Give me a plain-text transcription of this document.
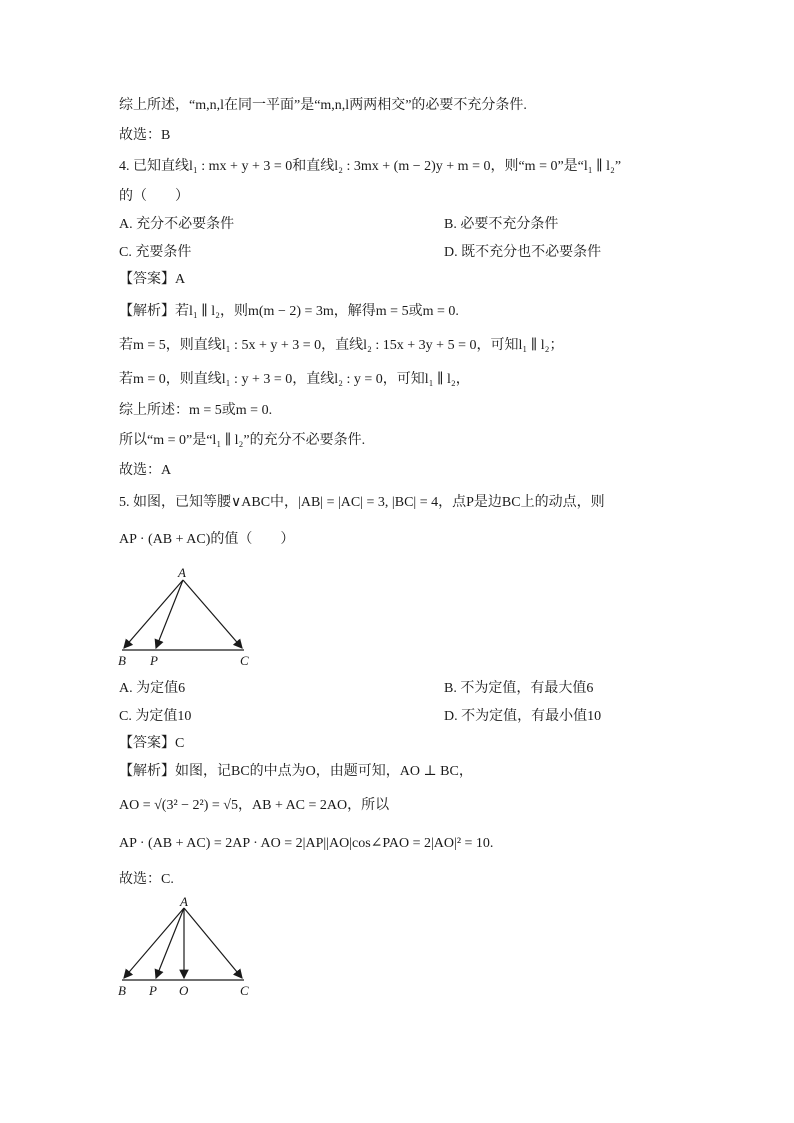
综上所述，“m,n,l在同一平面”是“m,n,l两两相交”的必要不充分条件.
故选：B
4. 已知直线l₁ : mx + y + 3 = 0和直线l₂ : 3mx + (m − 2)y + m = 0，则“m = 0”是“l₁ ∥ l₂”
的（　　）
A. 充分不必要条件	B. 必要不充分条件
C. 充要条件	D. 既不充分也不必要条件
【答案】A
【解析】若l₁ ∥ l₂，则m(m − 2) = 3m，解得m = 5或m = 0.
若m = 5，则直线l₁ : 5x + y + 3 = 0，直线l₂ : 15x + 3y + 5 = 0，可知l₁ ∥ l₂；
若m = 0，则直线l₁ : y + 3 = 0，直线l₂ : y = 0，可知l₁ ∥ l₂，
综上所述：m = 5或m = 0.
所以“m = 0”是“l₁ ∥ l₂”的充分不必要条件.
故选：A
5. 如图，已知等腰∨ABC中，|AB| = |AC| = 3, |BC| = 4，点P是边BC上的动点，则
AP · (AB + AC)的值（　　）
A
B P	C
A. 为定值6	B. 不为定值，有最大值6
C. 为定值10	D. 不为定值，有最小值10
【答案】C
【解析】如图，记BC的中点为O，由题可知，AO ⊥ BC，
AO = √(3² − 2²) = √5，AB + AC = 2AO，所以
AP · (AB + AC) = 2AP · AO = 2|AP||AO|cos∠PAO = 2|AO|² = 10.
故选：C.
A
B P O	C
